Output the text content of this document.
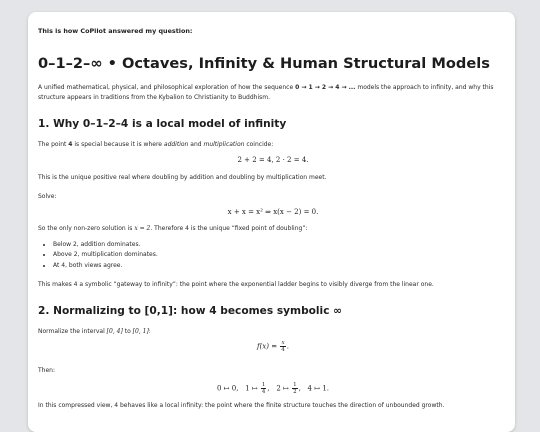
This is how CoPilot answered my question:
0–1–2–∞ • Octaves, Infinity & Human Structural Models
A unified mathematical, physical, and philosophical exploration of how the sequence 0 → 1 → 2 → 4 → ... models the approach to infinity, and why this structure appears in traditions from the Kybalion to Christianity to Buddhism.
1. Why 0–1–2–4 is a local model of infinity
The point 4 is special because it is where addition and multiplication coincide:
2 + 2 = 4, 2 · 2 = 4.
This is the unique positive real where doubling by addition and doubling by multiplication meet.
Solve:
x + x = x² ⇒ x(x − 2) = 0.
So the only non-zero solution is x = 2. Therefore 4 is the unique “fixed point of doubling”:
• Below 2, addition dominates.
• Above 2, multiplication dominates.
• At 4, both views agree.
This makes 4 a symbolic “gateway to infinity”: the point where the exponential ladder begins to visibly diverge from the linear one.
2. Normalizing to [0,1]: how 4 becomes symbolic ∞
Normalize the interval [0, 4] to [0, 1]:
$f(x) = \frac{x}{4}$ .
Then:
0 ↦ 0, 1 ↦ $\frac{1}{4}$ , 2 ↦ $\frac{1}{2}$ , 4 ↦ 1.
In this compressed view, 4 behaves like a local infinity: the point where the finite structure touches the direction of unbounded growth.
